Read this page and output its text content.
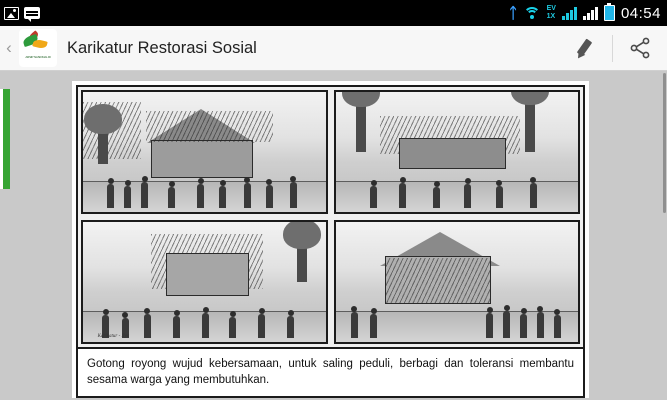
ᛏ	EV
1X	04:54
‹	ARSIP NASIONAL RI
Karikatur Restorasi Sosial
Karikatur - Ilya
Gotong royong wujud kebersamaan, untuk saling peduli, berbagi dan toleransi membantu sesama warga yang membutuhkan.
